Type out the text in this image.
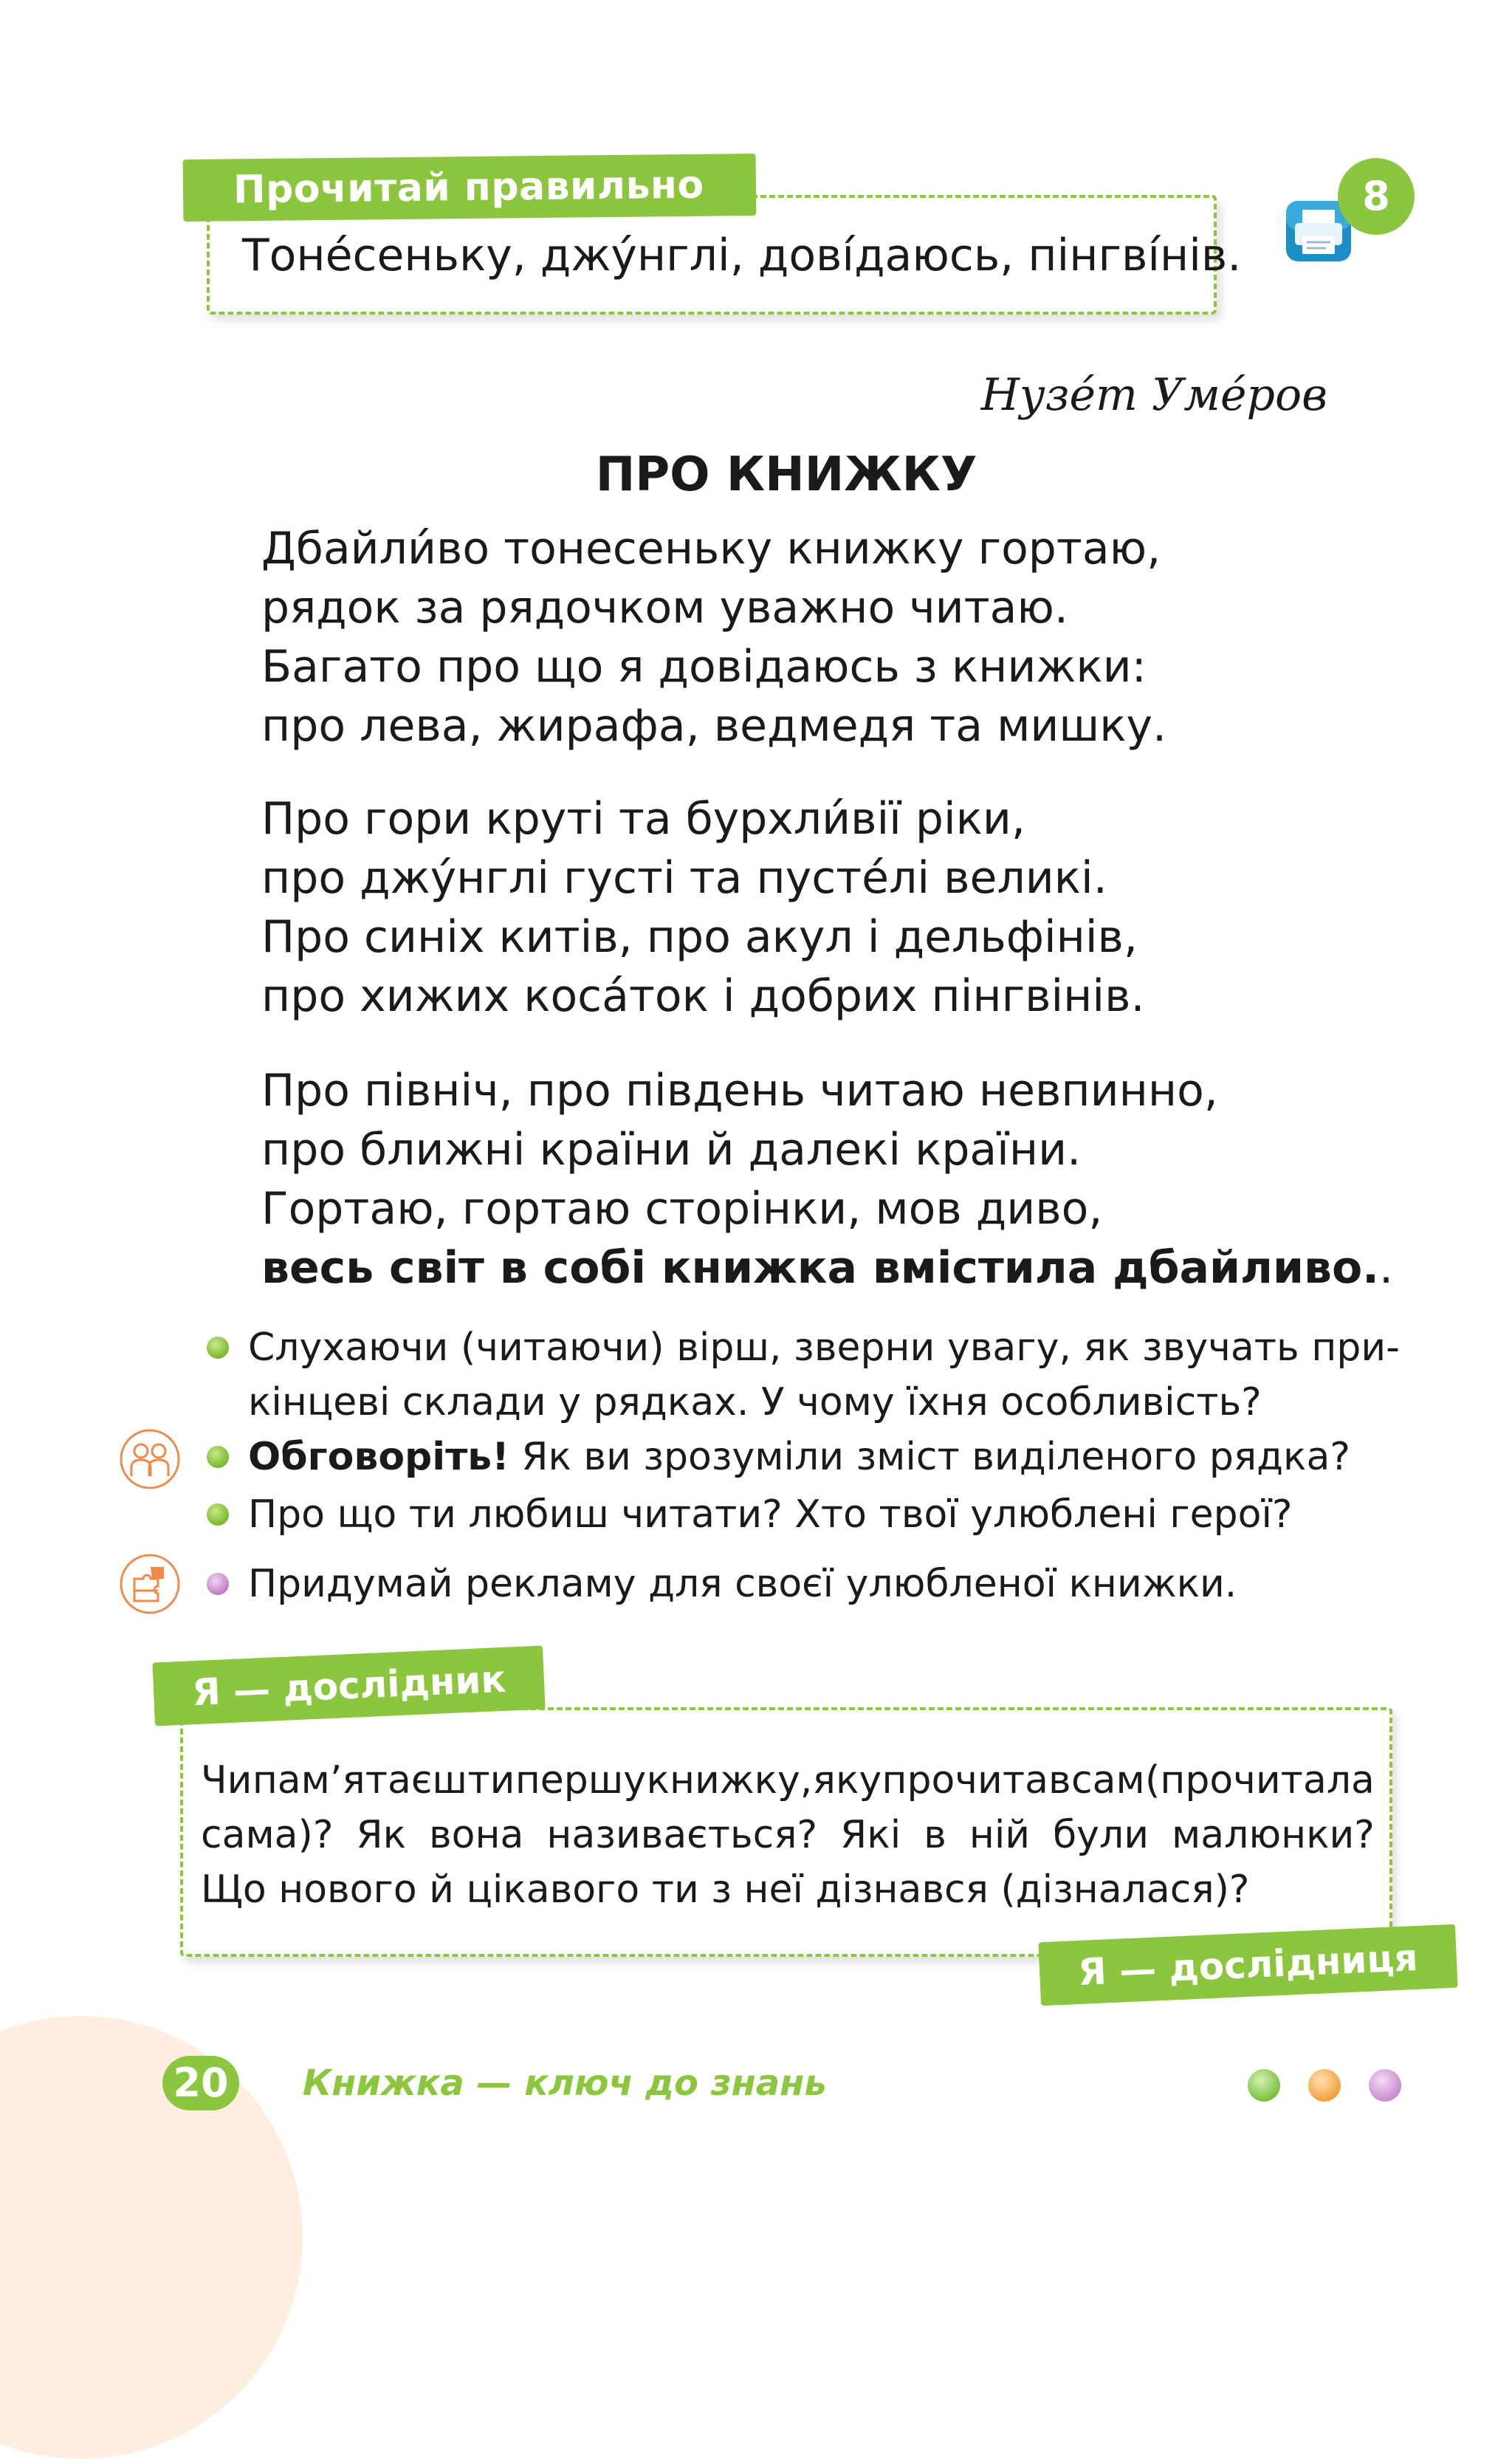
Прочитай правильно
Тоне́сеньку, джу́нглі, дові́даюсь, пінгві́нів.
8
Нузе́т Уме́ров
ПРО КНИЖКУ
Дбайли́во тонесеньку книжку гортаю,
рядок за рядочком уважно читаю.
Багато про що я довідаюсь з книжки:
про лева, жирафа, ведмедя та мишку.
Про гори круті та бурхли́вії ріки,
про джу́нглі густі та пусте́лі великі.
Про синіх китів, про акул і дельфінів,
про хижих коса́ток і добрих пінгвінів.
Про північ, про південь читаю невпинно,
про ближні країни й далекі країни.
Гортаю, гортаю сторінки, мов диво,
весь світ в собі книжка вмістила дбайливо..
Слухаючи (читаючи) вірш, зверни увагу, як звучать при-
кінцеві склади у рядках. У чому їхня особливість?
Обговоріть! Як ви зрозуміли зміст виділеного рядка?
Про що ти любиш читати? Хто твої улюблені герої?
Придумай рекламу для своєї улюбленої книжки.
Я — дослідник
Чи пам’ятаєш ти першу книжку, яку прочитав сам (прочитала
сама)? Як вона називається? Які в ній були малюнки?
Що нового й цікавого ти з неї дізнався (дізналася)?
Я — дослідниця
20	Книжка — ключ до знань
